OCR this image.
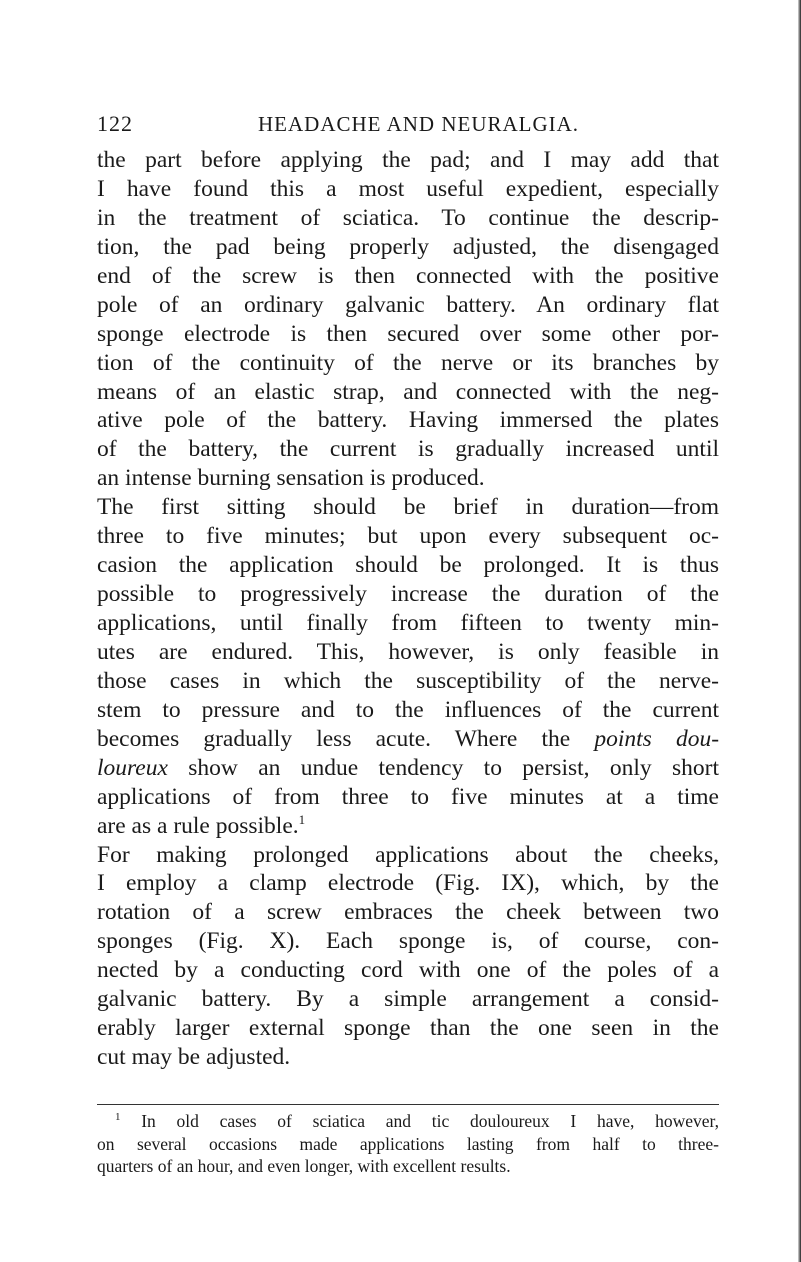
122	HEADACHE AND NEURALGIA.
the part before applying the pad; and I may add that
I have found this a most useful expedient, especially
in the treatment of sciatica. To continue the descrip-
tion, the pad being properly adjusted, the disengaged
end of the screw is then connected with the positive
pole of an ordinary galvanic battery. An ordinary flat
sponge electrode is then secured over some other por-
tion of the continuity of the nerve or its branches by
means of an elastic strap, and connected with the neg-
ative pole of the battery. Having immersed the plates
of the battery, the current is gradually increased until
an intense burning sensation is produced.
The first sitting should be brief in duration—from
three to five minutes; but upon every subsequent oc-
casion the application should be prolonged. It is thus
possible to progressively increase the duration of the
applications, until finally from fifteen to twenty min-
utes are endured. This, however, is only feasible in
those cases in which the susceptibility of the nerve-
stem to pressure and to the influences of the current
becomes gradually less acute. Where the points dou-
loureux show an undue tendency to persist, only short
applications of from three to five minutes at a time
are as a rule possible.$^1$
For making prolonged applications about the cheeks,
I employ a clamp electrode (Fig. IX), which, by the
rotation of a screw embraces the cheek between two
sponges (Fig. X). Each sponge is, of course, con-
nected by a conducting cord with one of the poles of a
galvanic battery. By a simple arrangement a consid-
erably larger external sponge than the one seen in the
cut may be adjusted.
$^1$ In old cases of sciatica and tic douloureux I have, however,
on several occasions made applications lasting from half to three-
quarters of an hour, and even longer, with excellent results.
